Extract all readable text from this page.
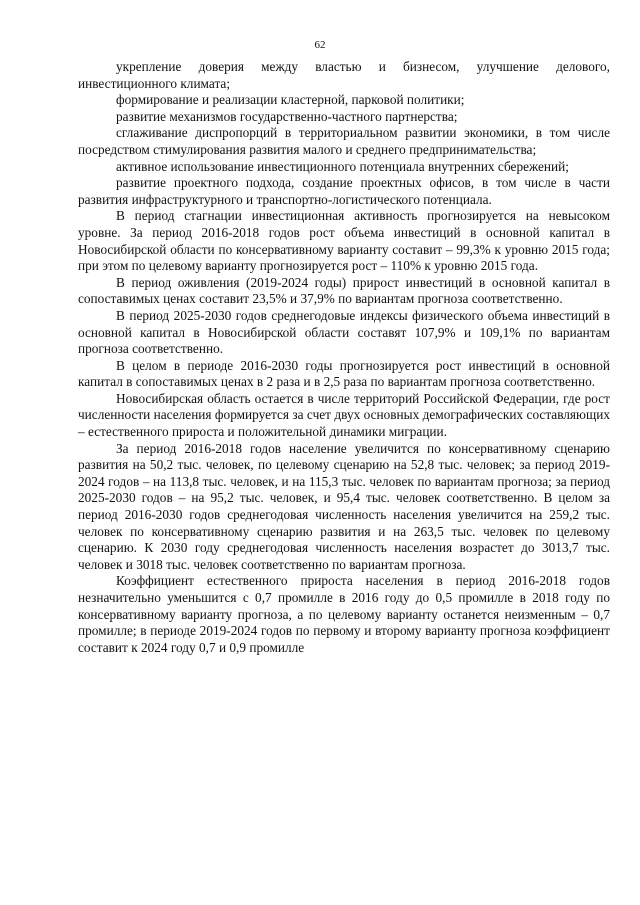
62

укрепление доверия между властью и бизнесом, улучшение делового, инвестиционного климата;

формирование и реализации кластерной, парковой политики;

развитие механизмов государственно-частного партнерства;

сглаживание диспропорций в территориальном развитии экономики, в том числе посредством стимулирования развития малого и среднего предпринимательства;

активное использование инвестиционного потенциала внутренних сбережений;

развитие проектного подхода, создание проектных офисов, в том числе в части развития инфраструктурного и транспортно-логистического потенциала.

В период стагнации инвестиционная активность прогнозируется на невысоком уровне. За период 2016-2018 годов рост объема инвестиций в основной капитал в Новосибирской области по консервативному варианту составит – 99,3% к уровню 2015 года; при этом по целевому варианту прогнозируется рост – 110% к уровню 2015 года.

В период оживления (2019-2024 годы) прирост инвестиций в основной капитал в сопоставимых ценах составит 23,5% и 37,9% по вариантам прогноза соответственно.

В период 2025-2030 годов среднегодовые индексы физического объема инвестиций в основной капитал в Новосибирской области составят 107,9% и 109,1% по вариантам прогноза соответственно.

В целом в периоде 2016-2030 годы прогнозируется рост инвестиций в основной капитал в сопоставимых ценах в 2 раза и в 2,5 раза по вариантам прогноза соответственно.

Новосибирская область остается в числе территорий Российской Федерации, где рост численности населения формируется за счет двух основных демографических составляющих – естественного прироста и положительной динамики миграции.

За период 2016-2018 годов население увеличится по консервативному сценарию развития на 50,2 тыс. человек, по целевому сценарию на 52,8 тыс. человек; за период 2019-2024 годов – на 113,8 тыс. человек, и на 115,3 тыс. человек по вариантам прогноза; за период 2025-2030 годов – на 95,2 тыс. человек, и 95,4 тыс. человек соответственно. В целом за период 2016-2030 годов среднегодовая численность населения увеличится на 259,2 тыс. человек по консервативному сценарию развития и на 263,5 тыс. человек по целевому сценарию. К 2030 году среднегодовая численность населения возрастет до 3013,7 тыс. человек и 3018 тыс. человек соответственно по вариантам прогноза.

Коэффициент естественного прироста населения в период 2016-2018 годов незначительно уменьшится с 0,7 промилле в 2016 году до 0,5 промилле в 2018 году по консервативному варианту прогноза, а по целевому варианту останется неизменным – 0,7 промилле; в периоде 2019-2024 годов по первому и второму варианту прогноза коэффициент составит к 2024 году 0,7 и 0,9 промилле
